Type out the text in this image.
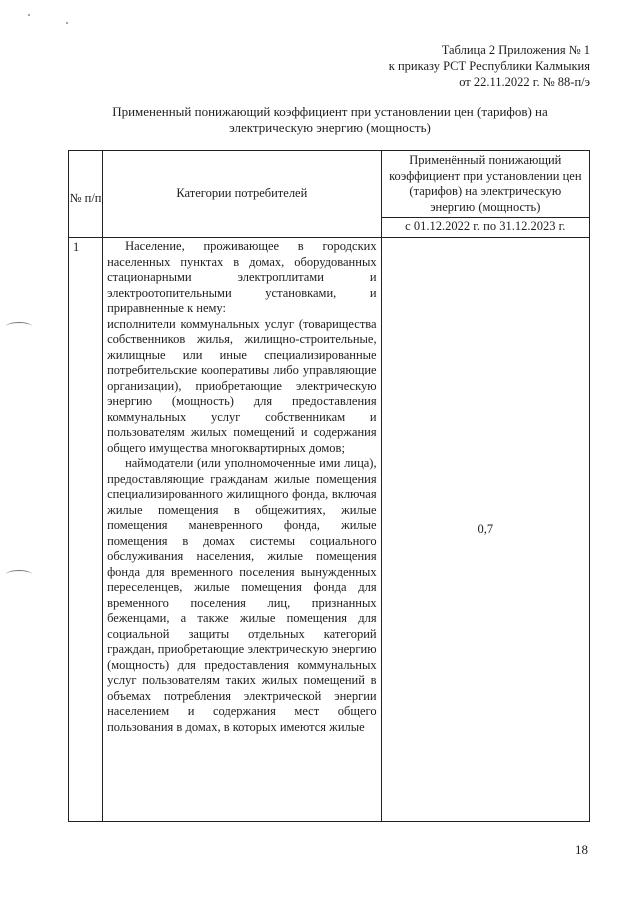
Таблица 2 Приложения № 1
к приказу РСТ Республики Калмыкия
от 22.11.2022 г. № 88-п/э
Примененный понижающий коэффициент при установлении цен (тарифов) на
электрическую энергию (мощность)
№ п/п	Категории потребителей	Применённый понижающий коэффициент при установлении цен (тарифов) на электрическую энергию (мощность)
		с 01.12.2022 г. по 31.12.2023 г.
1	Население, проживающее в городских населенных пунктах в домах, оборудованных стационарными электроплитами и электроотопительными установками, и приравненные к нему:

исполнители коммунальных услуг (товарищества собственников жилья, жилищно-строительные, жилищные или иные специализированные потребительские кооперативы либо управляющие организации), приобретающие электрическую энергию (мощность) для предоставления коммунальных услуг собственникам и пользователям жилых помещений и содержания общего имущества многоквартирных домов;

наймодатели (или уполномоченные ими лица), предоставляющие гражданам жилые помещения специализированного жилищного фонда, включая жилые помещения в общежитиях, жилые помещения маневренного фонда, жилые помещения в домах системы социального обслуживания населения, жилые помещения фонда для временного поселения вынужденных переселенцев, жилые помещения фонда для временного поселения лиц, признанных беженцами, а также жилые помещения для социальной защиты отдельных категорий граждан, приобретающие электрическую энергию (мощность) для предоставления коммунальных услуг пользователям таких жилых помещений в объемах потребления электрической энергии населением и содержания мест общего пользования в домах, в которых имеются жилые	0,7
18
